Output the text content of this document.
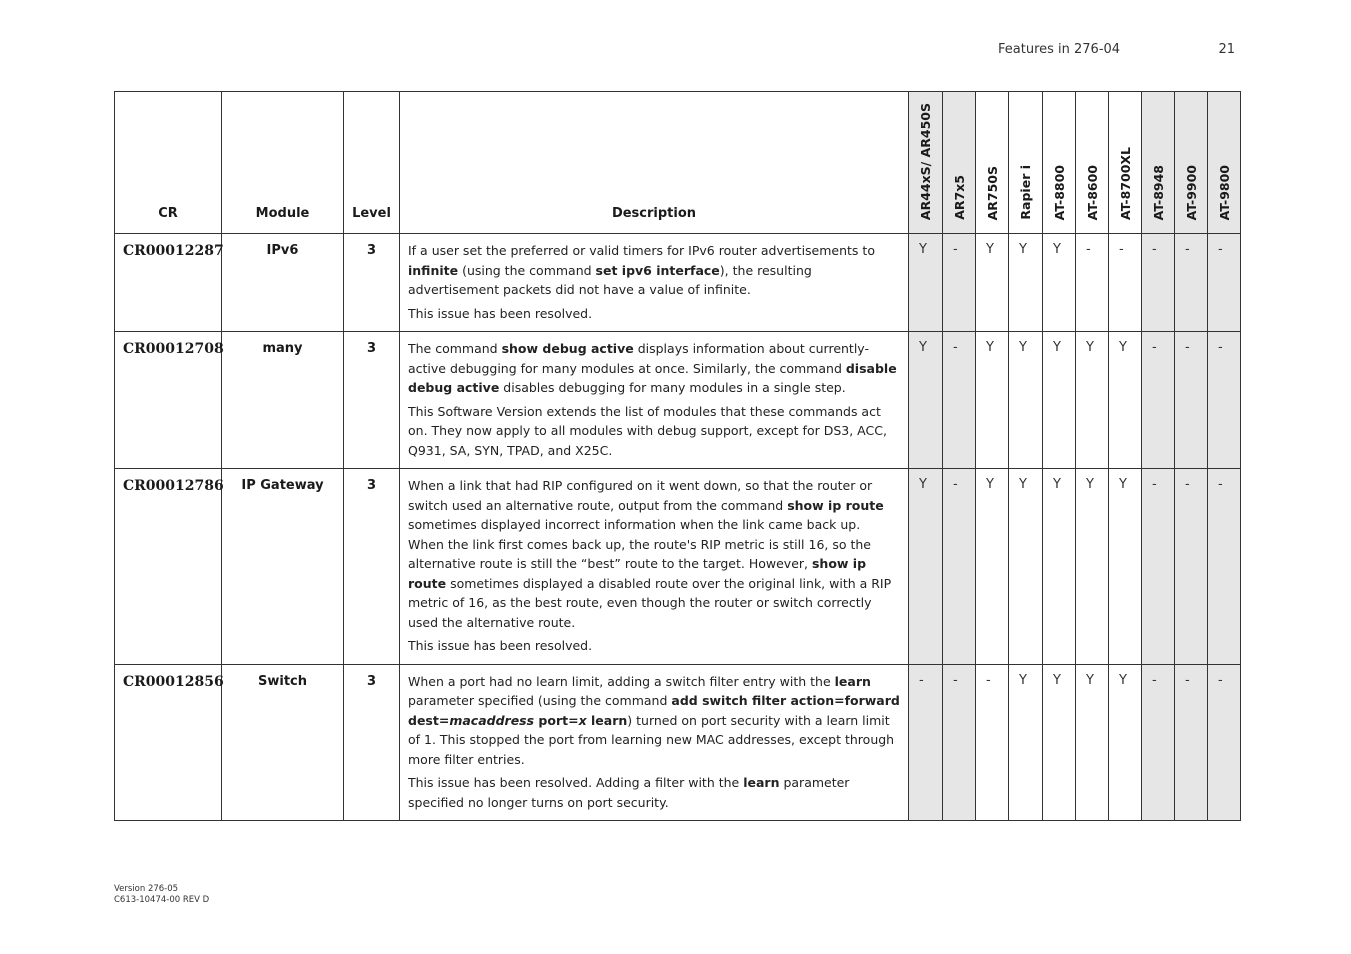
Features in 276-04	21
CR	Module	Level	Description	AR44xS/ AR450S	AR7x5	AR750S	Rapier i	AT-8800	AT-8600	AT-8700XL	AT-8948	AT-9900	AT-9800
CR00012287	IPv6	3	If a user set the preferred or valid timers for IPv6 router advertisements to infinite (using the command set ipv6 interface), the resulting advertisement packets did not have a value of infinite.

This issue has been resolved.	Y	-	Y	Y	Y	-	-	-	-	-
CR00012708	many	3	The command show debug active displays information about currently-active debugging for many modules at once. Similarly, the command disable debug active disables debugging for many modules in a single step.

This Software Version extends the list of modules that these commands act on. They now apply to all modules with debug support, except for DS3, ACC, Q931, SA, SYN, TPAD, and X25C.	Y	-	Y	Y	Y	Y	Y	-	-	-
CR00012786	IP Gateway	3	When a link that had RIP configured on it went down, so that the router or switch used an alternative route, output from the command show ip route sometimes displayed incorrect information when the link came back up. When the link first comes back up, the route's RIP metric is still 16, so the alternative route is still the “best” route to the target. However, show ip route sometimes displayed a disabled route over the original link, with a RIP metric of 16, as the best route, even though the router or switch correctly used the alternative route.

This issue has been resolved.	Y	-	Y	Y	Y	Y	Y	-	-	-
CR00012856	Switch	3	When a port had no learn limit, adding a switch filter entry with the learn parameter specified (using the command add switch filter action=forward dest=macaddress port=x learn) turned on port security with a learn limit of 1. This stopped the port from learning new MAC addresses, except through more filter entries.

This issue has been resolved. Adding a filter with the learn parameter specified no longer turns on port security.	-	-	-	Y	Y	Y	Y	-	-	-
Version 276-05
C613-10474-00 REV D
